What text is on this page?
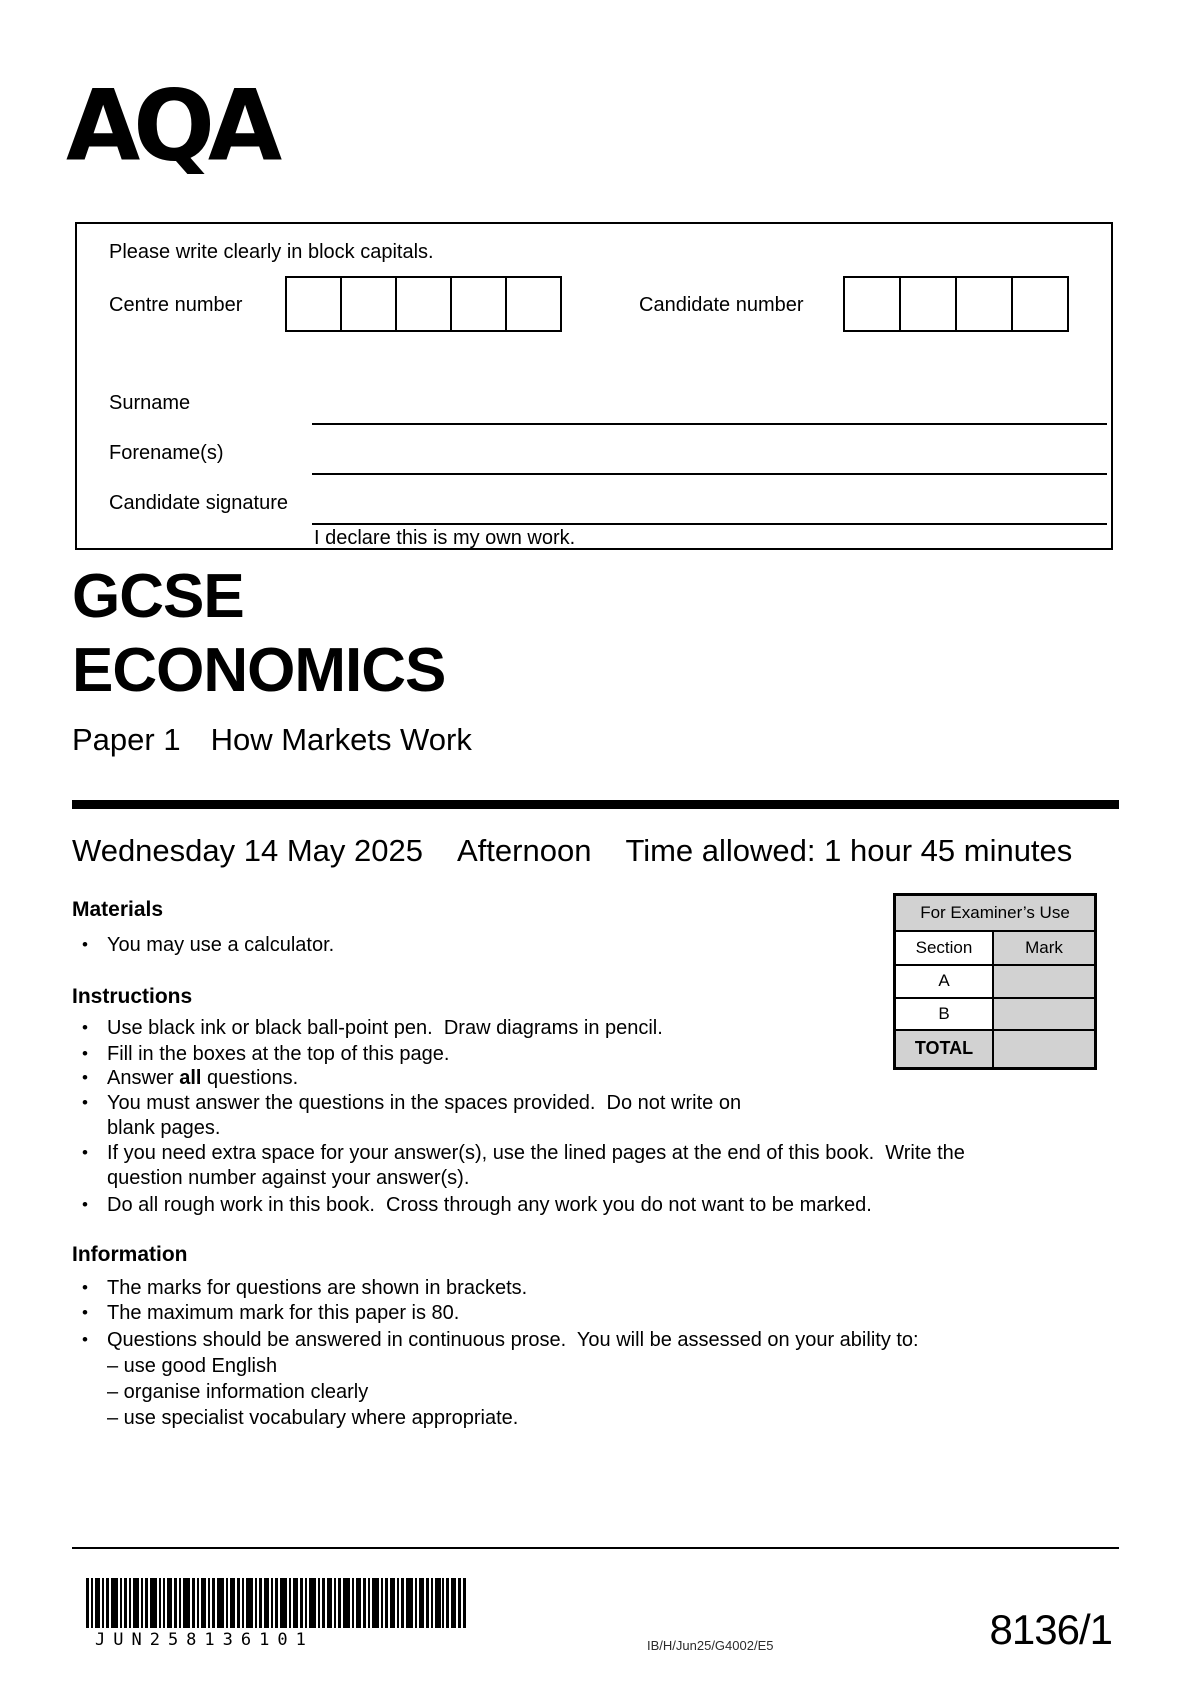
AQA
Please write clearly in block capitals.
Centre number	Candidate number
Surname
Forename(s)
Candidate signature
I declare this is my own work.
GCSE
ECONOMICS
Paper 1 How Markets Work
Wednesday 14 May 2025 Afternoon Time allowed: 1 hour 45 minutes
For Examiner’s Use	
Section	Mark
A	
B	
TOTAL	
Materials
• You may use a calculator.
Instructions
• Use black ink or black ball-point pen.  Draw diagrams in pencil.
• Fill in the boxes at the top of this page.
• Answer all questions.
• You must answer the questions in the spaces provided.  Do not write on
blank pages.
• If you need extra space for your answer(s), use the lined pages at the end of this book.  Write the
question number against your answer(s).
• Do all rough work in this book.  Cross through any work you do not want to be marked.
Information
• The marks for questions are shown in brackets.
• The maximum mark for this paper is 80.
• Questions should be answered in continuous prose.  You will be assessed on your ability to:
– use good English
– organise information clearly
– use specialist vocabulary where appropriate.
JUN258136101	IB/H/Jun25/G4002/E5	8136/1
